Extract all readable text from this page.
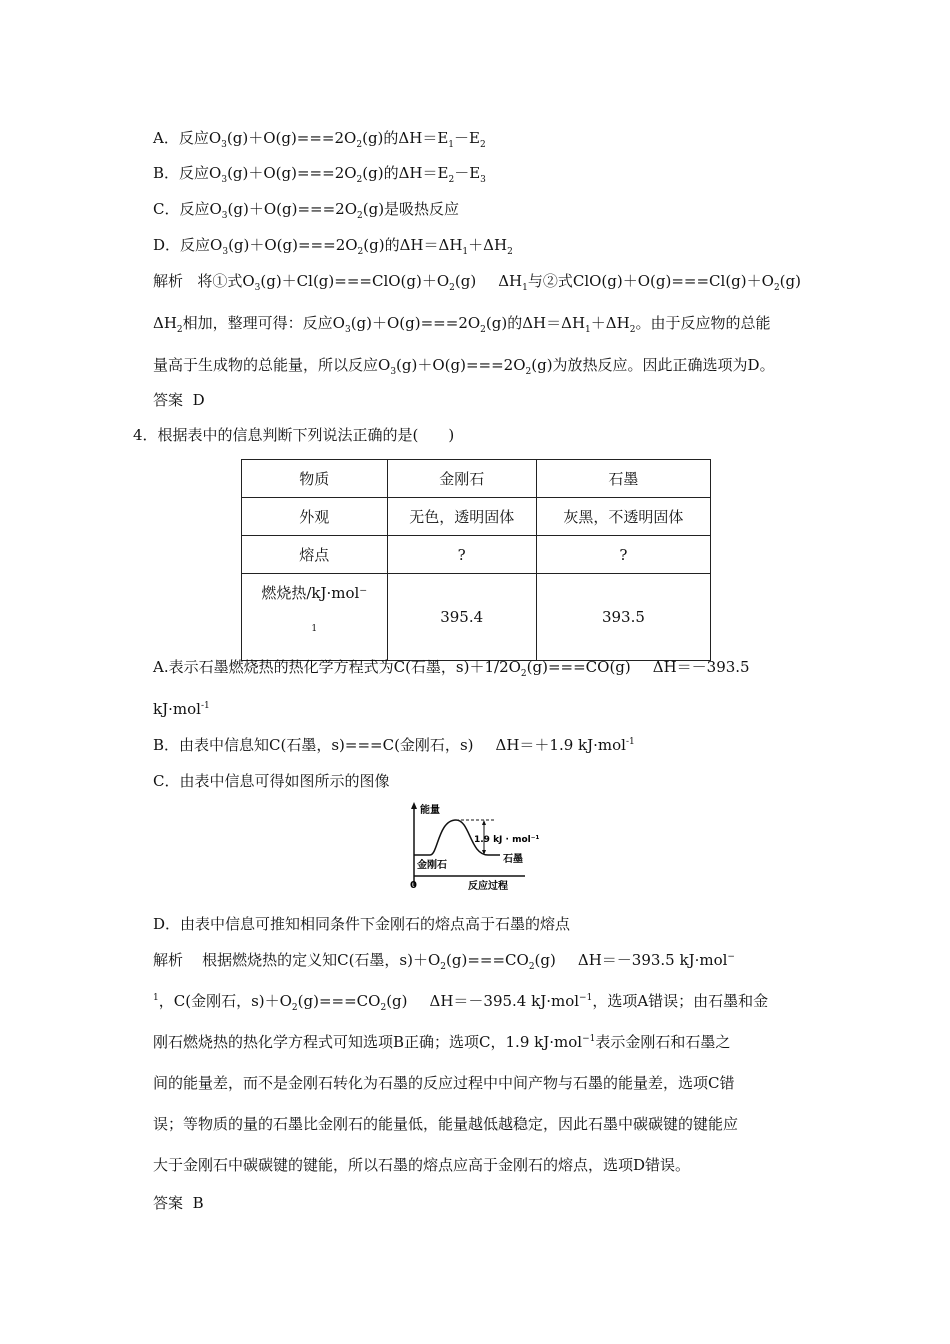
A．反应$O_3(g)+O(g)===2O_2(g)$的$\Delta H=E_1-E_2$
B．反应$O_3(g)+O(g)===2O_2(g)$的$\Delta H=E_2-E_3$
C．反应$O_3(g)+O(g)===2O_2(g)$是吸热反应
D．反应$O_3(g)+O(g)===2O_2(g)$的$\Delta H=\Delta H_1+\Delta H_2$
解析 将①式$O_3(g)+Cl(g)===ClO(g)+O_2(g)$ $\Delta H_1$与②式$ClO(g)+O(g)===Cl(g)+O_2(g)$
$\Delta H_2$相加，整理可得：反应$O_3(g)+O(g)===2O_2(g)$的$\Delta H=\Delta H_1+\Delta H_2$。由于反应物的总能
量高于生成物的总能量，所以反应$O_3(g)+O(g)===2O_2(g)$为放热反应。因此正确选项为D。
答案 D
4．根据表中的信息判断下列说法正确的是(　　)
物质	金刚石	石墨
外观	无色，透明固体	灰黑，不透明固体
熔点	?	?

燃烧热/kJ·mol⁻
1	395.4	393.5
A.表示石墨燃烧热的热化学方程式为C(石墨，$s)+1/2O_2(g)===CO(g)$ ΔH＝－393.5
kJ·mol$^{-1}$
B．由表中信息知C(石墨，s)===C(金刚石，s) ΔH＝＋1.9 kJ·mol$^{-1}$
C．由表中信息可得如图所示的图像
能量
0	反应过程
1.9 kJ · mol⁻¹
石墨
金刚石
D．由表中信息可推知相同条件下金刚石的熔点高于石墨的熔点
解析 根据燃烧热的定义知C(石墨，$s)+O_2(g)===CO_2(g)$ ΔH＝－393.5 kJ·mol−
$^1$，C(金刚石，$s)+O_2(g)===CO_2(g)$ ΔH＝－395.4 kJ·mol$^{-1}$，选项A错误；由石墨和金
刚石燃烧热的热化学方程式可知选项B正确；选项C，1.9 kJ·mol$^{-1}$表示金刚石和石墨之
间的能量差，而不是金刚石转化为石墨的反应过程中中间产物与石墨的能量差，选项C错
误；等物质的量的石墨比金刚石的能量低，能量越低越稳定，因此石墨中碳碳键的键能应
大于金刚石中碳碳键的键能，所以石墨的熔点应高于金刚石的熔点，选项D错误。
答案 B
